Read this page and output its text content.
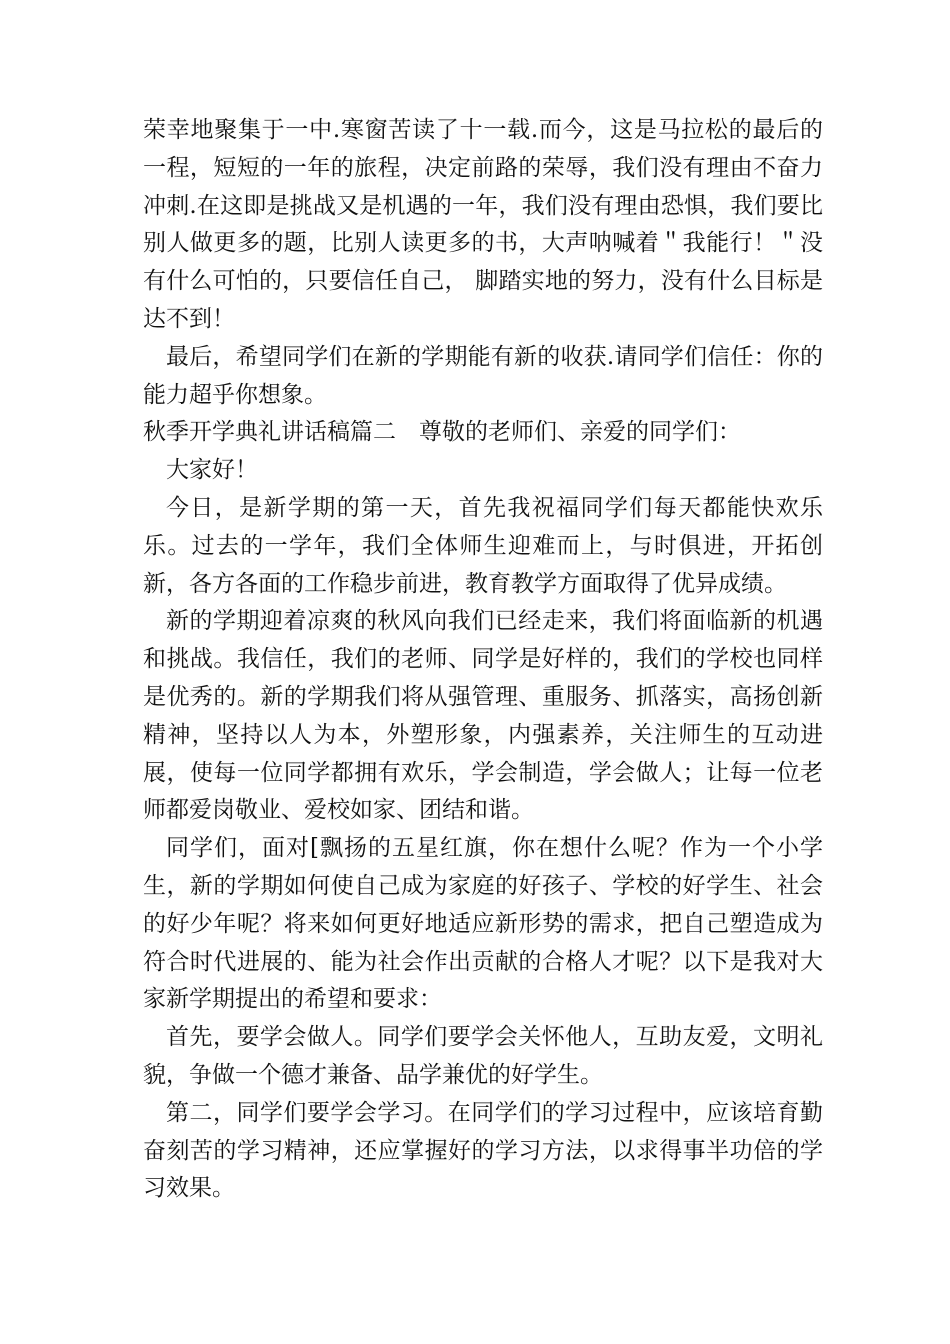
荣幸地聚集于一中.寒窗苦读了十一载.而今，这是马拉松的最后的一程，短短的一年的旅程，决定前路的荣辱，我们没有理由不奋力冲刺.在这即是挑战又是机遇的一年，我们没有理由恐惧，我们要比别人做更多的题，比别人读更多的书，大声呐喊着＂我能行！＂没有什么可怕的，只要信任自己， 脚踏实地的努力，没有什么目标是达不到！

最后，希望同学们在新的学期能有新的收获.请同学们信任：你的能力超乎你想象。

秋季开学典礼讲话稿篇二　尊敬的老师们、亲爱的同学们：

大家好！

今日，是新学期的第一天，首先我祝福同学们每天都能快欢乐乐。过去的一学年，我们全体师生迎难而上，与时俱进，开拓创新，各方各面的工作稳步前进，教育教学方面取得了优异成绩。

新的学期迎着凉爽的秋风向我们已经走来，我们将面临新的机遇和挑战。我信任，我们的老师、同学是好样的，我们的学校也同样是优秀的。新的学期我们将从强管理、重服务、抓落实，高扬创新精神，坚持以人为本，外塑形象，内强素养，关注师生的互动进展，使每一位同学都拥有欢乐，学会制造，学会做人；让每一位老师都爱岗敬业、爱校如家、团结和谐。

同学们，面对[飘扬的五星红旗，你在想什么呢？作为一个小学生，新的学期如何使自己成为家庭的好孩子、学校的好学生、社会的好少年呢？将来如何更好地适应新形势的需求，把自己塑造成为符合时代进展的、能为社会作出贡献的合格人才呢？以下是我对大家新学期提出的希望和要求：

首先，要学会做人。同学们要学会关怀他人，互助友爱，文明礼貌，争做一个德才兼备、品学兼优的好学生。

第二，同学们要学会学习。在同学们的学习过程中，应该培育勤奋刻苦的学习精神，还应掌握好的学习方法，以求得事半功倍的学习效果。
